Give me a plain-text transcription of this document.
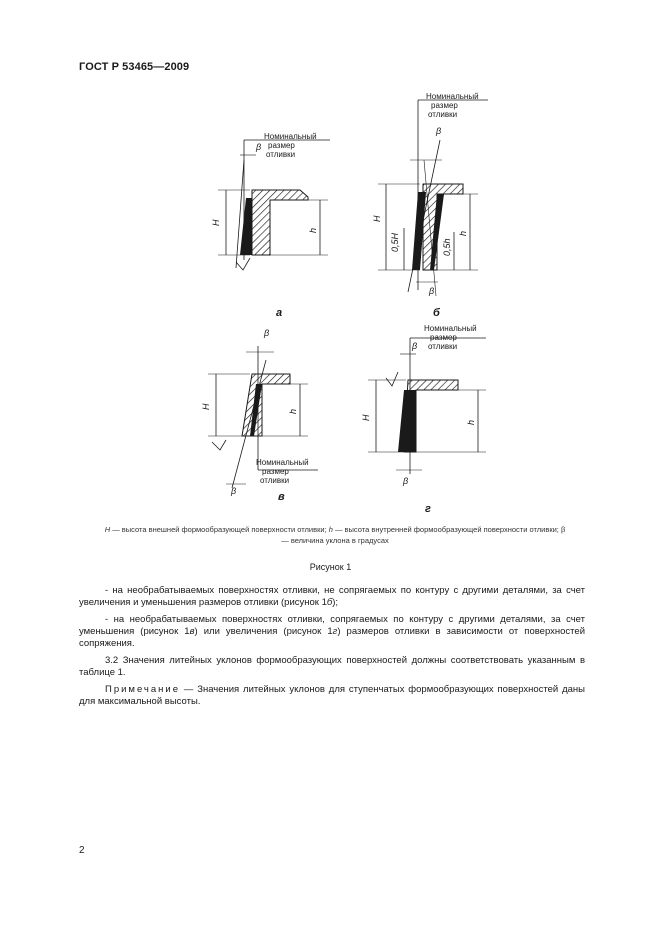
ГОСТ Р 53465—2009
Номинальный
размер
отливки
β
H
h
a
Номинальный
размер
отливки
β
β
H
0,5H	h
0,5h
б
β
β
Номинальный
размер
отливки
H
h
в
Номинальный
размер
отливки
β
β
H
h
г
H — высота внешней формообразующей поверхности отливки; h — высота внутренней формообразующей поверхности отливки; β — величина уклона в градусах
Рисунок 1

- на необрабатываемых поверхностях отливки, не сопрягаемых по контуру с другими деталями, за счет увеличения и уменьшения размеров отливки (рисунок 1б);

- на необрабатываемых поверхностях отливки, сопрягаемых по контуру с другими деталями, за счет уменьшения (рисунок 1в) или увеличения (рисунок 1г) размеров отливки в зависимости от поверхностей сопряжения.

3.2 Значения литейных уклонов формообразующих поверхностей должны соответствовать указанным в таблице 1.

Примечание — Значения литейных уклонов для ступенчатых формообразующих поверхностей даны для максимальной высоты.

2
